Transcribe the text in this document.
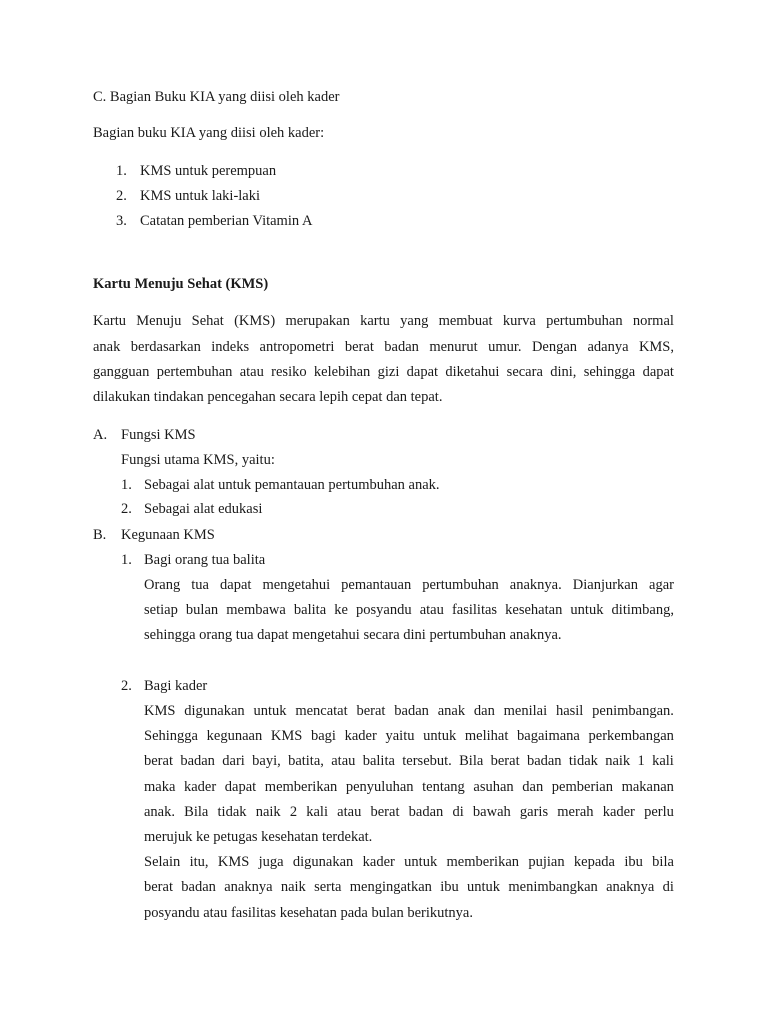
C. Bagian Buku KIA yang diisi oleh kader
Bagian buku KIA yang diisi oleh kader:
1. KMS untuk perempuan
2. KMS untuk laki-laki
3. Catatan pemberian Vitamin A
Kartu Menuju Sehat (KMS)
Kartu Menuju Sehat (KMS) merupakan kartu yang membuat kurva pertumbuhan normal
anak berdasarkan indeks antropometri berat badan menurut umur. Dengan adanya KMS,
gangguan pertembuhan atau resiko kelebihan gizi dapat diketahui secara dini, sehingga dapat
dilakukan tindakan pencegahan secara lepih cepat dan tepat.
A. Fungsi KMS
Fungsi utama KMS, yaitu:
1. Sebagai alat untuk pemantauan pertumbuhan anak.
2. Sebagai alat edukasi
B. Kegunaan KMS
1. Bagi orang tua balita
Orang tua dapat mengetahui pemantauan pertumbuhan anaknya. Dianjurkan agar
setiap bulan membawa balita ke posyandu atau fasilitas kesehatan untuk ditimbang,
sehingga orang tua dapat mengetahui secara dini pertumbuhan anaknya.
2. Bagi kader
KMS digunakan untuk mencatat berat badan anak dan menilai hasil penimbangan.
Sehingga kegunaan KMS bagi kader yaitu untuk melihat bagaimana perkembangan
berat badan dari bayi, batita, atau balita tersebut. Bila berat badan tidak naik 1 kali
maka kader dapat memberikan penyuluhan tentang asuhan dan pemberian makanan
anak. Bila tidak naik 2 kali atau berat badan di bawah garis merah kader perlu
merujuk ke petugas kesehatan terdekat.
Selain itu, KMS juga digunakan kader untuk memberikan pujian kepada ibu bila
berat badan anaknya naik serta mengingatkan ibu untuk menimbangkan anaknya di
posyandu atau fasilitas kesehatan pada bulan berikutnya.
